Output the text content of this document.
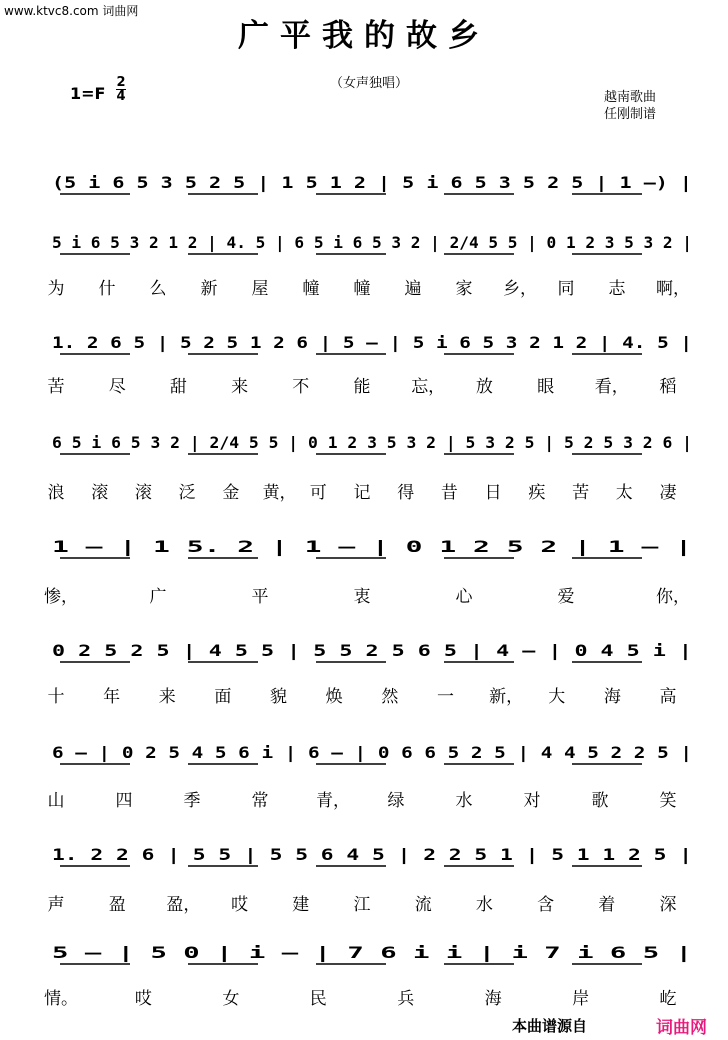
www.ktvc8.com 词曲网
广平我的故乡
1=F
2
4
（女声独唱）
越南歌曲
任刚制谱
(5 i 6 5 3 5 2 5 | 1 5 1 2 | 5 i 6 5 3 5 2 5 | 1 –) |
5 i 6 5 3 2 1 2 | 4. 5 | 6 5 i 6 5 3 2 | 2/4 5 5 | 0 1 2 3 5 3 2 |
为 什 么 新 屋 幢 幢 遍 家 乡， 同 志 啊，
1. 2 6 5 | 5 2 5 1 2 6 | 5 – | 5 i 6 5 3 2 1 2 | 4. 5 |
苦	尽	甜	来	不	能 忘， 放	眼 看， 稻
6 5 i 6 5 3 2 | 2/4 5 5 | 0 1 2 3 5 3 2 | 5 3 2 5 | 5 2 5 3 2 6 |
浪 滚 滚 泛 金 黄， 可 记 得 昔 日 疾 苦 太 凄
1 – | 1 5. 2 | 1 – | 0 1 2 5 2 | 1 – |
惨，	广	平	衷	心	爱	你，
0 2 5 2 5 | 4 5 5 | 5 5 2 5 6 5 | 4 – | 0 4 5 i |
十 年 来 面 貌 焕 然 一 新， 大 海 高
6 – | 0 2 5 4 5 6 i | 6 – | 0 6 6 5 2 5 | 4 4 5 2 2 5 |
山	四	季	常	青， 绿	水	对	歌	笑
1. 2 2 6 | 5 5 | 5 5 6 4 5 | 2 2 5 1 | 5 1 1 2 5 |
声	盈 盈， 哎	建	江	流	水	含	着	深
5 – | 5 0 | i – | 7 6 i i | i 7 i 6 5 |
情。	哎	女	民	兵	海	岸	屹
本曲谱源自	词曲网
